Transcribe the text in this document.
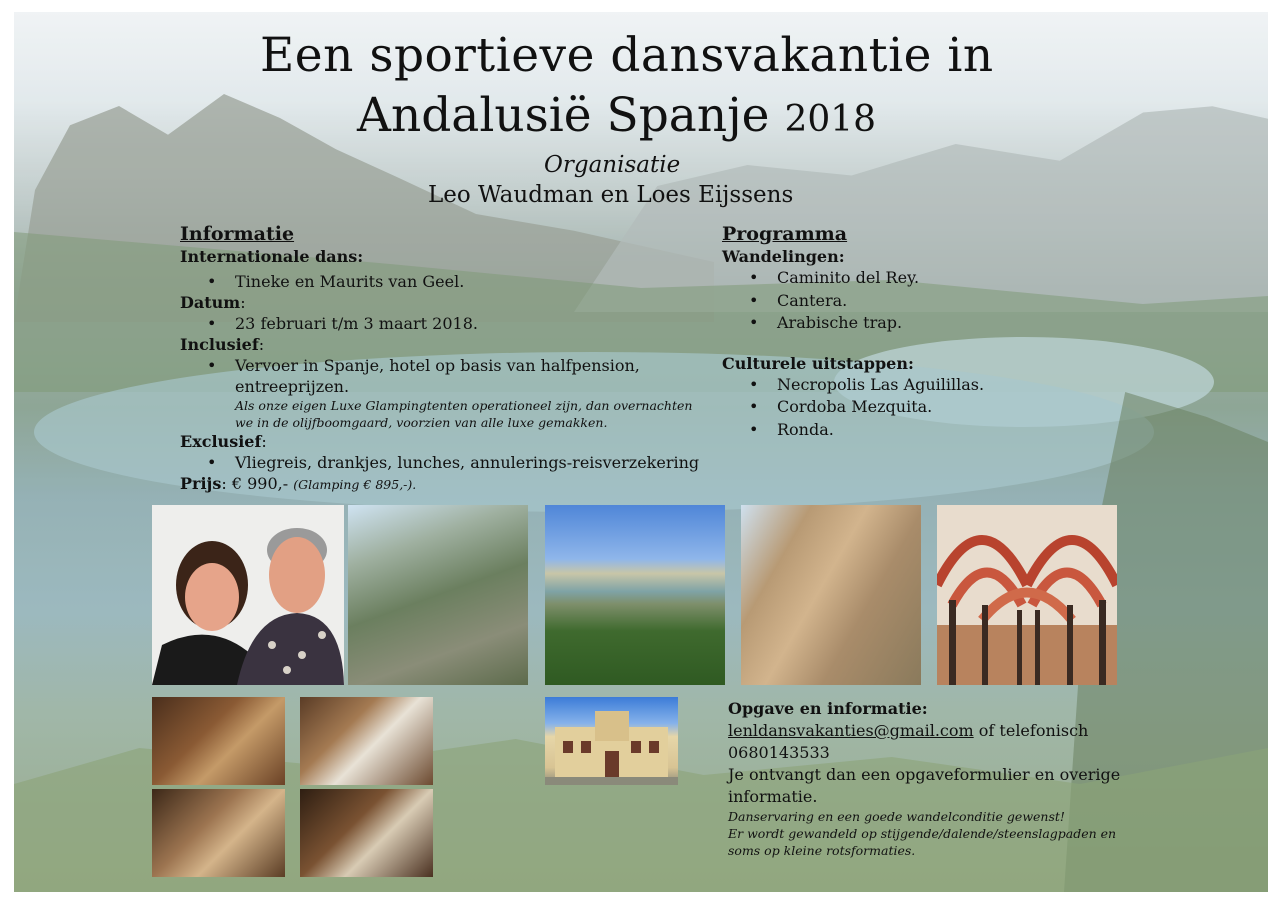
Een sportieve dansvakantie in
Andalusië Spanje 2018
Organisatie
Leo Waudman en Loes Eijssens
Informatie
Internationale dans:
• Tineke en Maurits van Geel.
Datum:
• 23 februari t/m 3 maart 2018.
Inclusief:
• Vervoer in Spanje, hotel op basis van halfpension, entreeprijzen.
Als onze eigen Luxe Glampingtenten operationeel zijn, dan overnachten we in de olijfboomgaard, voorzien van alle luxe gemakken.
Exclusief:
• Vliegreis, drankjes, lunches, annulerings-reisverzekering
Prijs: € 990,- (Glamping € 895,-).
Programma
Wandelingen:
• Caminito del Rey.
• Cantera.
• Arabische trap.
Culturele uitstappen:
• Necropolis Las Aguilillas.
• Cordoba Mezquita.
• Ronda.
Opgave en informatie:
lenldansvakanties@gmail.com of telefonisch
0680143533
Je ontvangt dan een opgaveformulier en overige informatie.
Danservaring en een goede wandelconditie gewenst!
Er wordt gewandeld op stijgende/dalende/steenslagpaden en soms op kleine rotsformaties.
